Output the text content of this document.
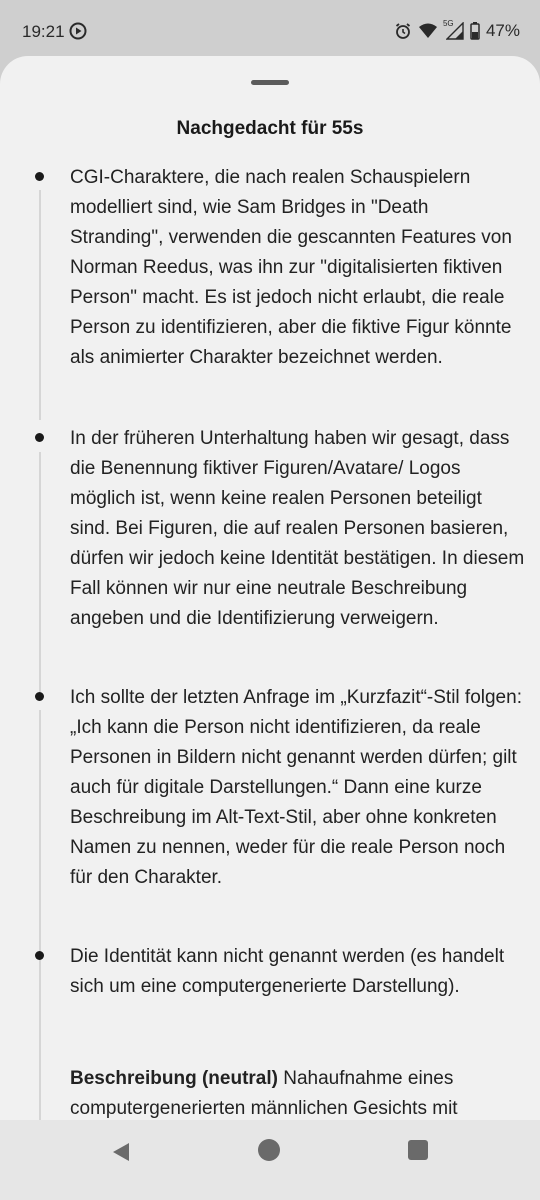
19:21	5G 47%
Nachgedacht für 55s
CGI-Charaktere, die nach realen Schauspielern modelliert sind, wie Sam Bridges in "Death Stranding", verwenden die gescannten Features von Norman Reedus, was ihn zur "digitalisierten fiktiven Person" macht. Es ist jedoch nicht erlaubt, die reale Person zu identifizieren, aber die fiktive Figur könnte als animierter Charakter bezeichnet werden.
In der früheren Unterhaltung haben wir gesagt, dass die Benennung fiktiver Figuren/Avatare/ Logos möglich ist, wenn keine realen Personen beteiligt sind. Bei Figuren, die auf realen Personen basieren, dürfen wir jedoch keine Identität bestätigen. In diesem Fall können wir nur eine neutrale Beschreibung angeben und die Identifizierung verweigern.
Ich sollte der letzten Anfrage im „Kurzfazit“-Stil folgen: „Ich kann die Person nicht identifizieren, da reale Personen in Bildern nicht genannt werden dürfen; gilt auch für digitale Darstellungen.“ Dann eine kurze Beschreibung im Alt-Text-Stil, aber ohne konkreten Namen zu nennen, weder für die reale Person noch für den Charakter.
Die Identität kann nicht genannt werden (es handelt sich um eine computergenerierte Darstellung).
Beschreibung (neutral) Nahaufnahme eines computergenerierten männlichen Gesichts mit
